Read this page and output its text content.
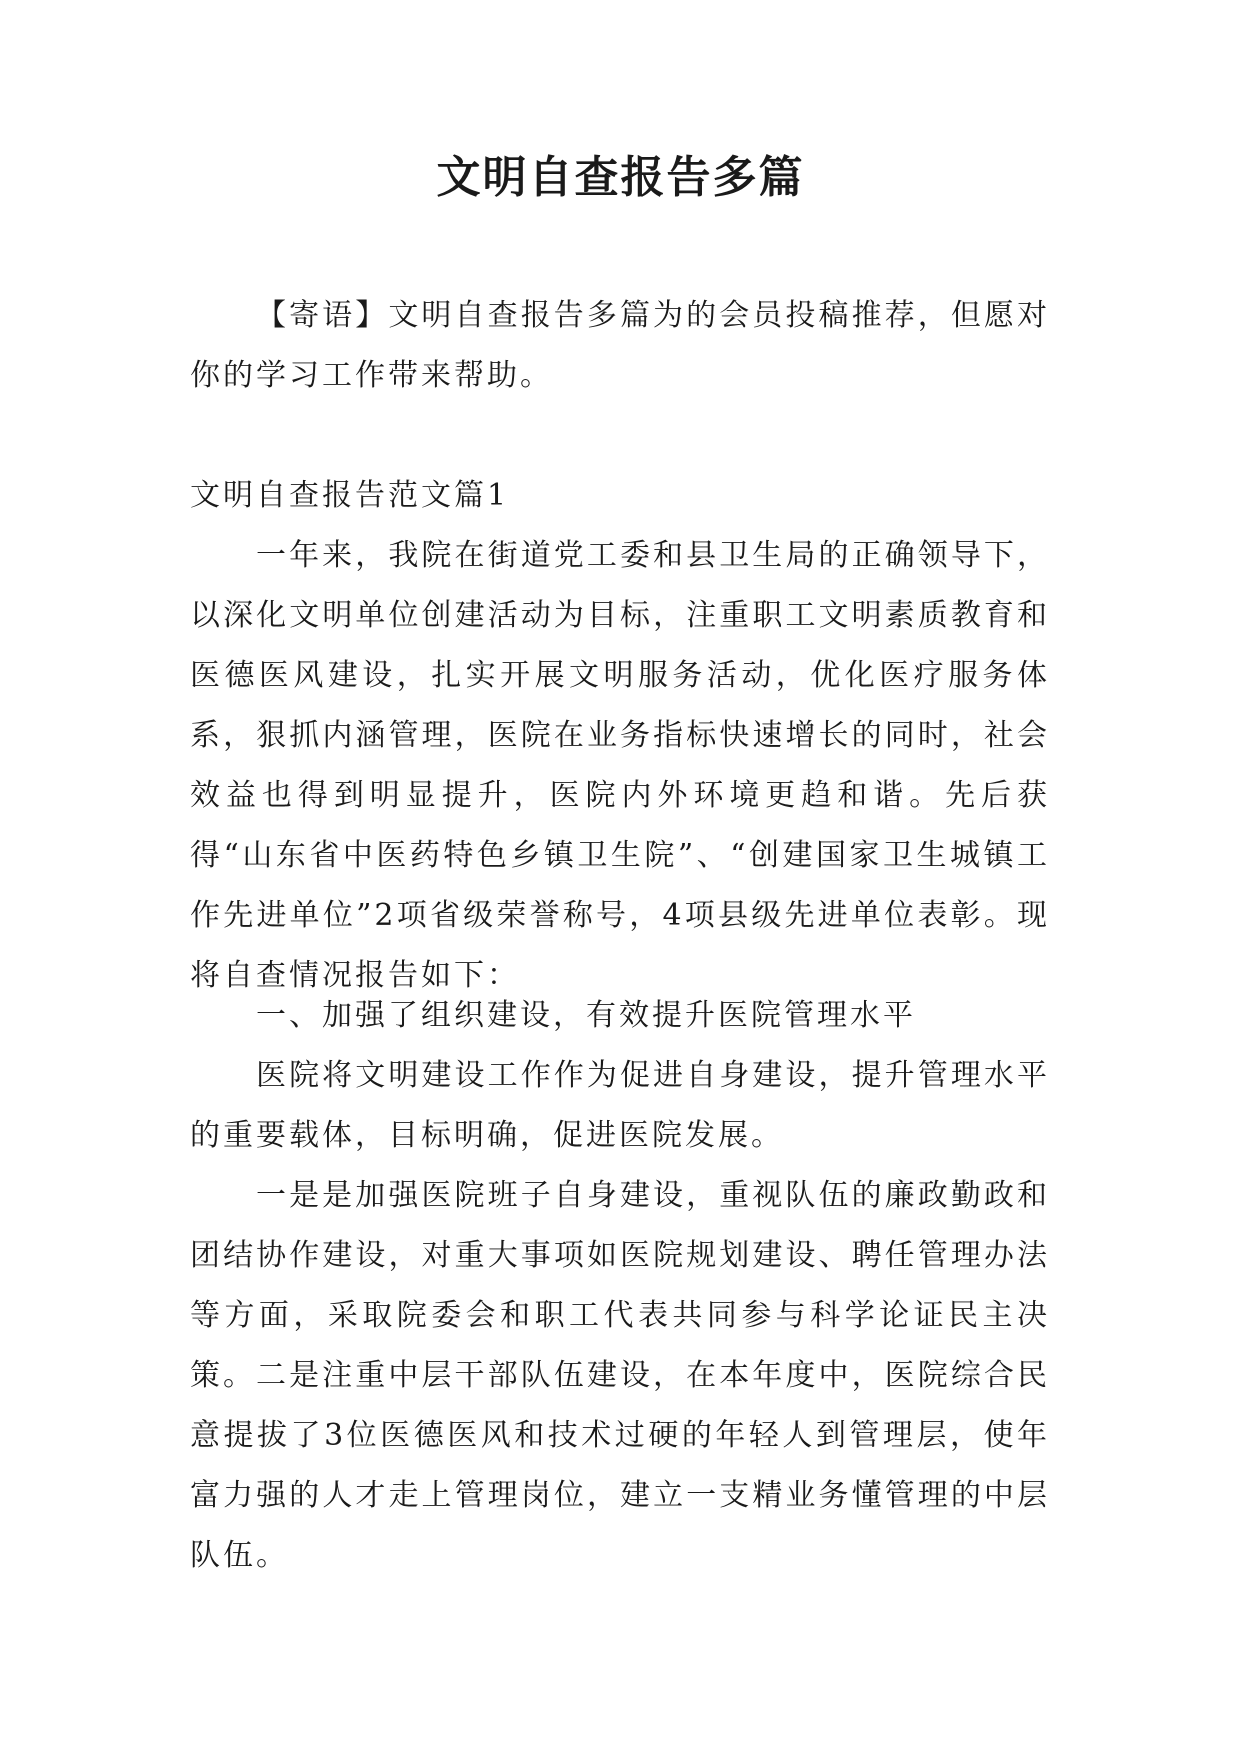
文明自查报告多篇

【寄语】文明自查报告多篇为的会员投稿推荐，但愿对你的学习工作带来帮助。

文明自查报告范文篇1

一年来，我院在街道党工委和县卫生局的正确领导下，以深化文明单位创建活动为目标，注重职工文明素质教育和医德医风建设，扎实开展文明服务活动，优化医疗服务体系，狠抓内涵管理，医院在业务指标快速增长的同时，社会效益也得到明显提升，医院内外环境更趋和谐。先后获得“山东省中医药特色乡镇卫生院”、“创建国家卫生城镇工作先进单位”2项省级荣誉称号，4项县级先进单位表彰。现将自查情况报告如下：

一、加强了组织建设，有效提升医院管理水平

医院将文明建设工作作为促进自身建设，提升管理水平的重要载体，目标明确，促进医院发展。

一是是加强医院班子自身建设，重视队伍的廉政勤政和团结协作建设，对重大事项如医院规划建设、聘任管理办法等方面，采取院委会和职工代表共同参与科学论证民主决策。 二是注重中层干部队伍建设，在本年度中，医院综合民意提拔了3位医德医风和技术过硬的年轻人到管理层，使年富力强的人才走上管理岗位，建立一支精业务懂管理的中层队伍。
